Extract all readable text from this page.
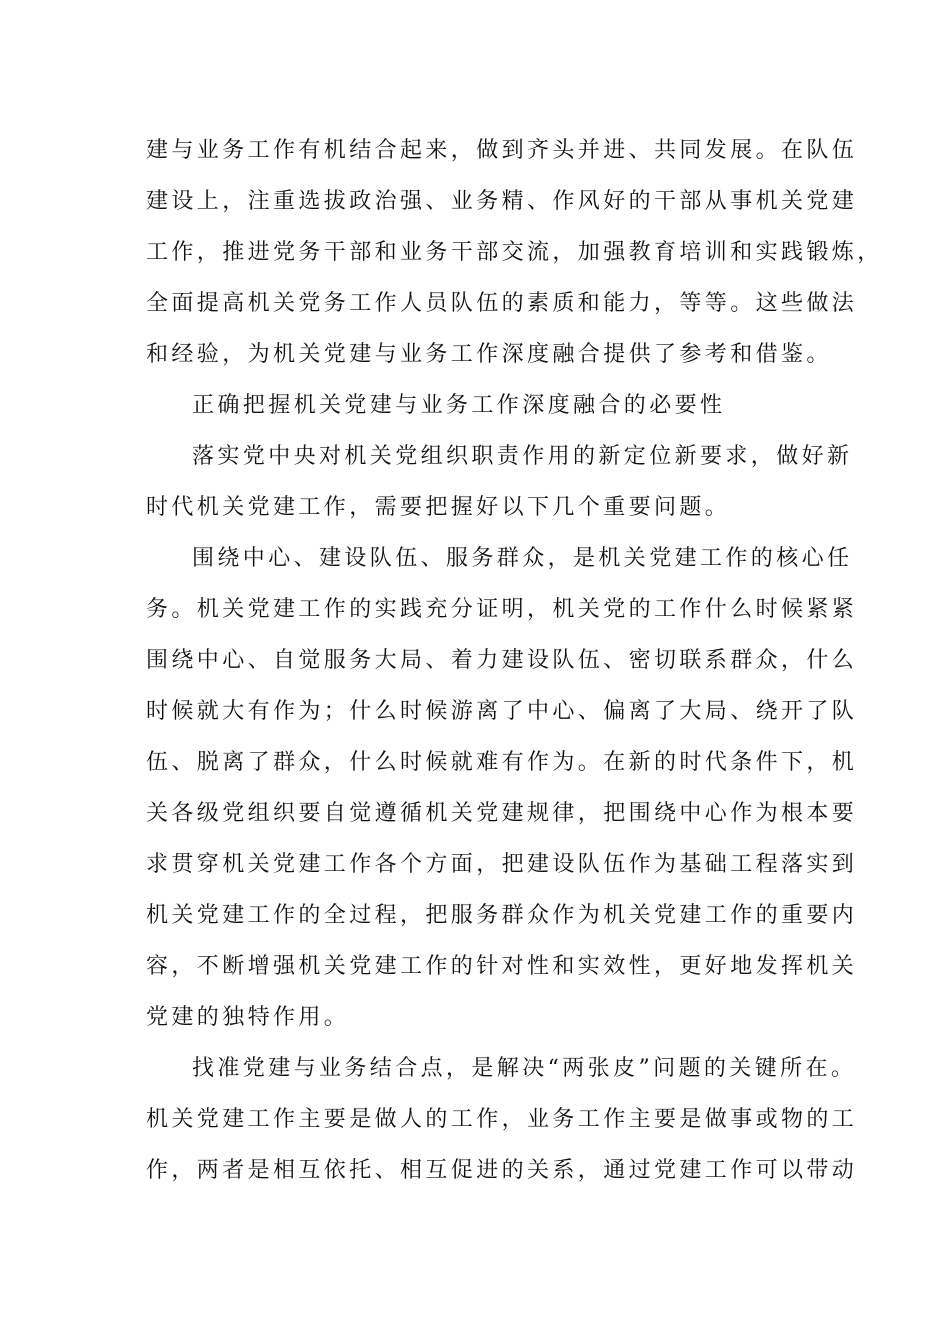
建与业务工作有机结合起来，做到齐头并进、共同发展。在队伍

建设上，注重选拔政治强、业务精、作风好的干部从事机关党建

工作，推进党务干部和业务干部交流，加强教育培训和实践锻炼，

全面提高机关党务工作人员队伍的素质和能力，等等。这些做法

和经验，为机关党建与业务工作深度融合提供了参考和借鉴。

正确把握机关党建与业务工作深度融合的必要性

落实党中央对机关党组织职责作用的新定位新要求，做好新

时代机关党建工作，需要把握好以下几个重要问题。

围绕中心、建设队伍、服务群众，是机关党建工作的核心任

务。机关党建工作的实践充分证明，机关党的工作什么时候紧紧

围绕中心、自觉服务大局、着力建设队伍、密切联系群众，什么

时候就大有作为；什么时候游离了中心、偏离了大局、绕开了队

伍、脱离了群众，什么时候就难有作为。在新的时代条件下，机

关各级党组织要自觉遵循机关党建规律，把围绕中心作为根本要

求贯穿机关党建工作各个方面，把建设队伍作为基础工程落实到

机关党建工作的全过程，把服务群众作为机关党建工作的重要内

容，不断增强机关党建工作的针对性和实效性，更好地发挥机关

党建的独特作用。

找准党建与业务结合点，是解决“两张皮”问题的关键所在。

机关党建工作主要是做人的工作，业务工作主要是做事或物的工

作，两者是相互依托、相互促进的关系，通过党建工作可以带动
